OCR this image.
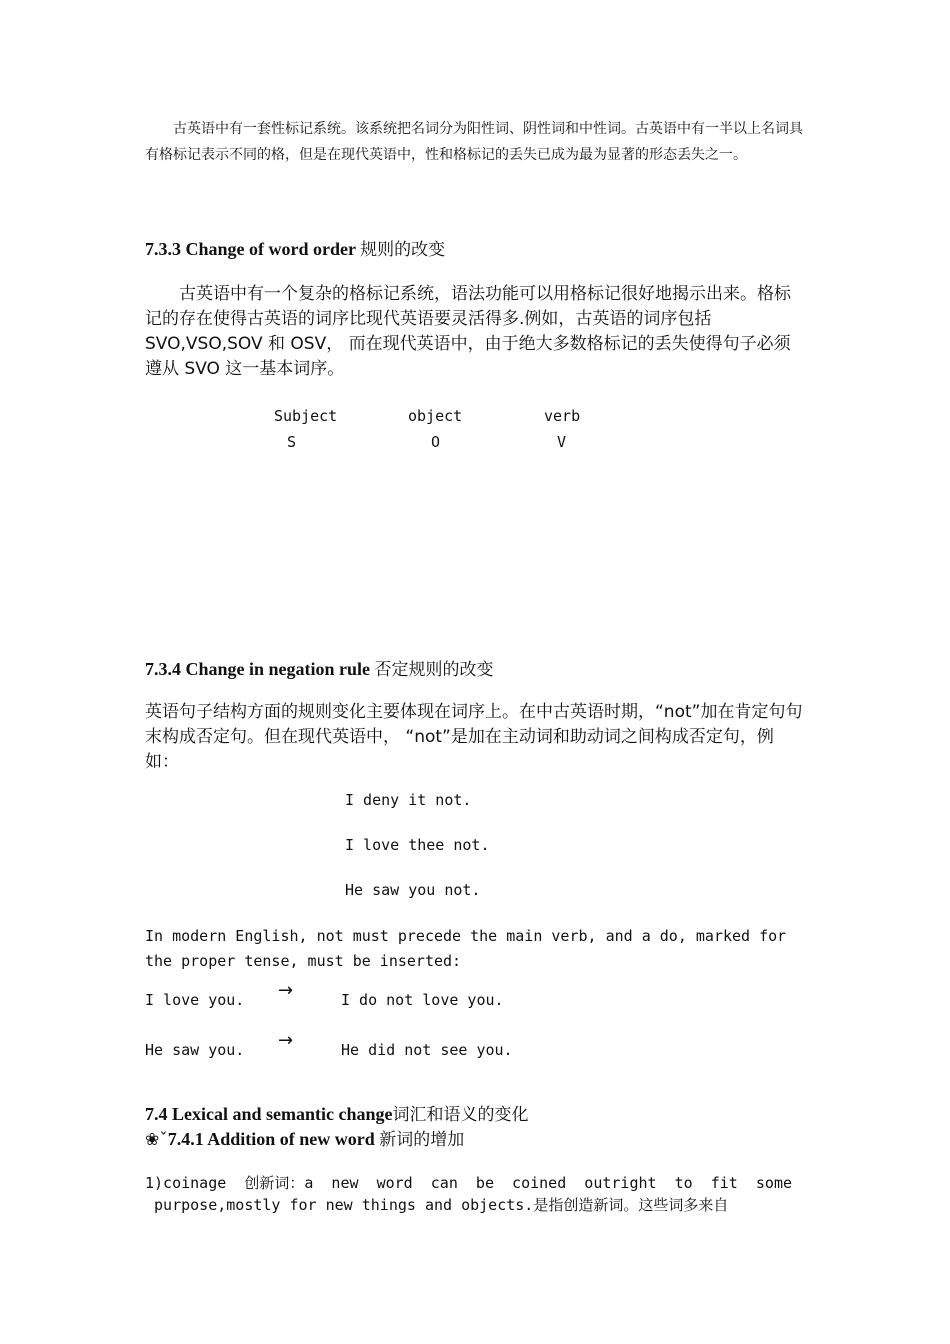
古英语中有一套性标记系统。该系统把名词分为阳性词、阴性词和中性词。古英语中有一半以上名词具有格标记表示不同的格，但是在现代英语中，性和格标记的丢失已成为最为显著的形态丢失之一。
7.3.3 Change of word order 规则的改变
古英语中有一个复杂的格标记系统，语法功能可以用格标记很好地揭示出来。格标记的存在使得古英语的词序比现代英语要灵活得多.例如，古英语的词序包括SVO,VSO,SOV 和 OSV， 而在现代英语中，由于绝大多数格标记的丢失使得句子必须遵从 SVO 这一基本词序。
Subject	object	verb
S	O	V
7.3.4 Change in negation rule 否定规则的改变
英语句子结构方面的规则变化主要体现在词序上。在中古英语时期，“not”加在肯定句句末构成否定句。但在现代英语中， “not”是加在主动词和助动词之间构成否定句，例如：
I deny it not.
I love thee not.
He saw you not.
In modern English, not must precede the main verb, and a do, marked for
the proper tense, must be inserted:
I love you. →	I do not love you.
He saw you. →	He did not see you.
7.4 Lexical and semantic change词汇和语义的变化
❀ˇ7.4.1 Addition of new word 新词的增加
1)coinage  创新词：a  new  word  can  be  coined  outright  to  fit  some
purpose,mostly for new things and objects.是指创造新词。这些词多来自
